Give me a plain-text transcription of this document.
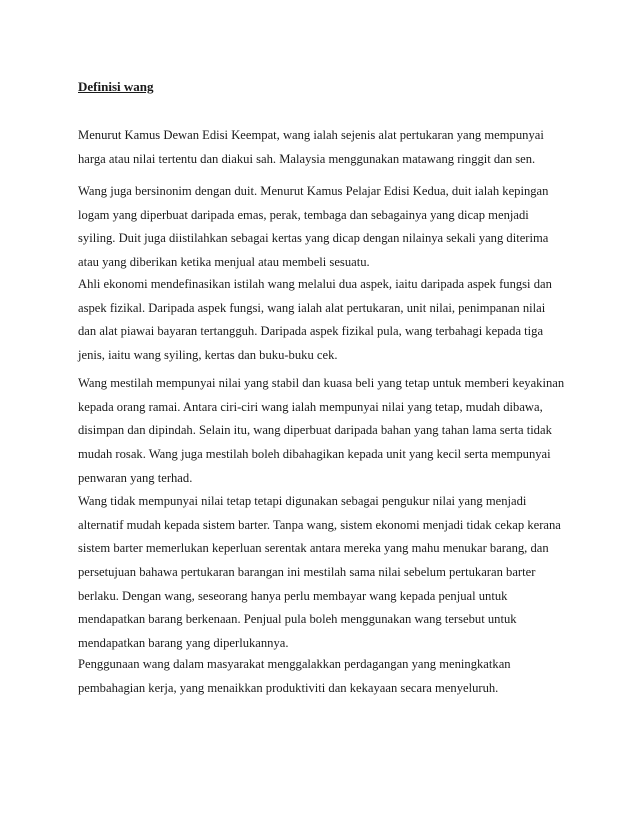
Definisi wang
Menurut Kamus Dewan Edisi Keempat, wang ialah sejenis alat pertukaran yang mempunyai
harga atau nilai tertentu dan diakui sah. Malaysia menggunakan matawang ringgit dan sen.
Wang juga bersinonim dengan duit. Menurut Kamus Pelajar Edisi Kedua, duit ialah kepingan
logam yang diperbuat daripada emas, perak, tembaga dan sebagainya yang dicap menjadi
syiling. Duit juga diistilahkan sebagai kertas yang dicap dengan nilainya sekali yang diterima
atau yang diberikan ketika menjual atau membeli sesuatu.
Ahli ekonomi mendefinasikan istilah wang melalui dua aspek, iaitu daripada aspek fungsi dan
aspek fizikal. Daripada aspek fungsi, wang ialah alat pertukaran, unit nilai, penimpanan nilai
dan alat piawai bayaran tertangguh. Daripada aspek fizikal pula, wang terbahagi kepada tiga
jenis, iaitu wang syiling, kertas dan buku-buku cek.
Wang mestilah mempunyai nilai yang stabil dan kuasa beli yang tetap untuk memberi keyakinan
kepada orang ramai. Antara ciri-ciri wang ialah mempunyai nilai yang tetap, mudah dibawa,
disimpan dan dipindah. Selain itu, wang diperbuat daripada bahan yang tahan lama serta tidak
mudah rosak. Wang juga mestilah boleh dibahagikan kepada unit yang kecil serta mempunyai
penwaran yang terhad.
Wang tidak mempunyai nilai tetap tetapi digunakan sebagai pengukur nilai yang menjadi
alternatif mudah kepada sistem barter. Tanpa wang, sistem ekonomi menjadi tidak cekap kerana
sistem barter memerlukan keperluan serentak antara mereka yang mahu menukar barang, dan
persetujuan bahawa pertukaran barangan ini mestilah sama nilai sebelum pertukaran barter
berlaku. Dengan wang, seseorang hanya perlu membayar wang kepada penjual untuk
mendapatkan barang berkenaan. Penjual pula boleh menggunakan wang tersebut untuk
mendapatkan barang yang diperlukannya.
Penggunaan wang dalam masyarakat menggalakkan perdagangan yang meningkatkan
pembahagian kerja, yang menaikkan produktiviti dan kekayaan secara menyeluruh.
